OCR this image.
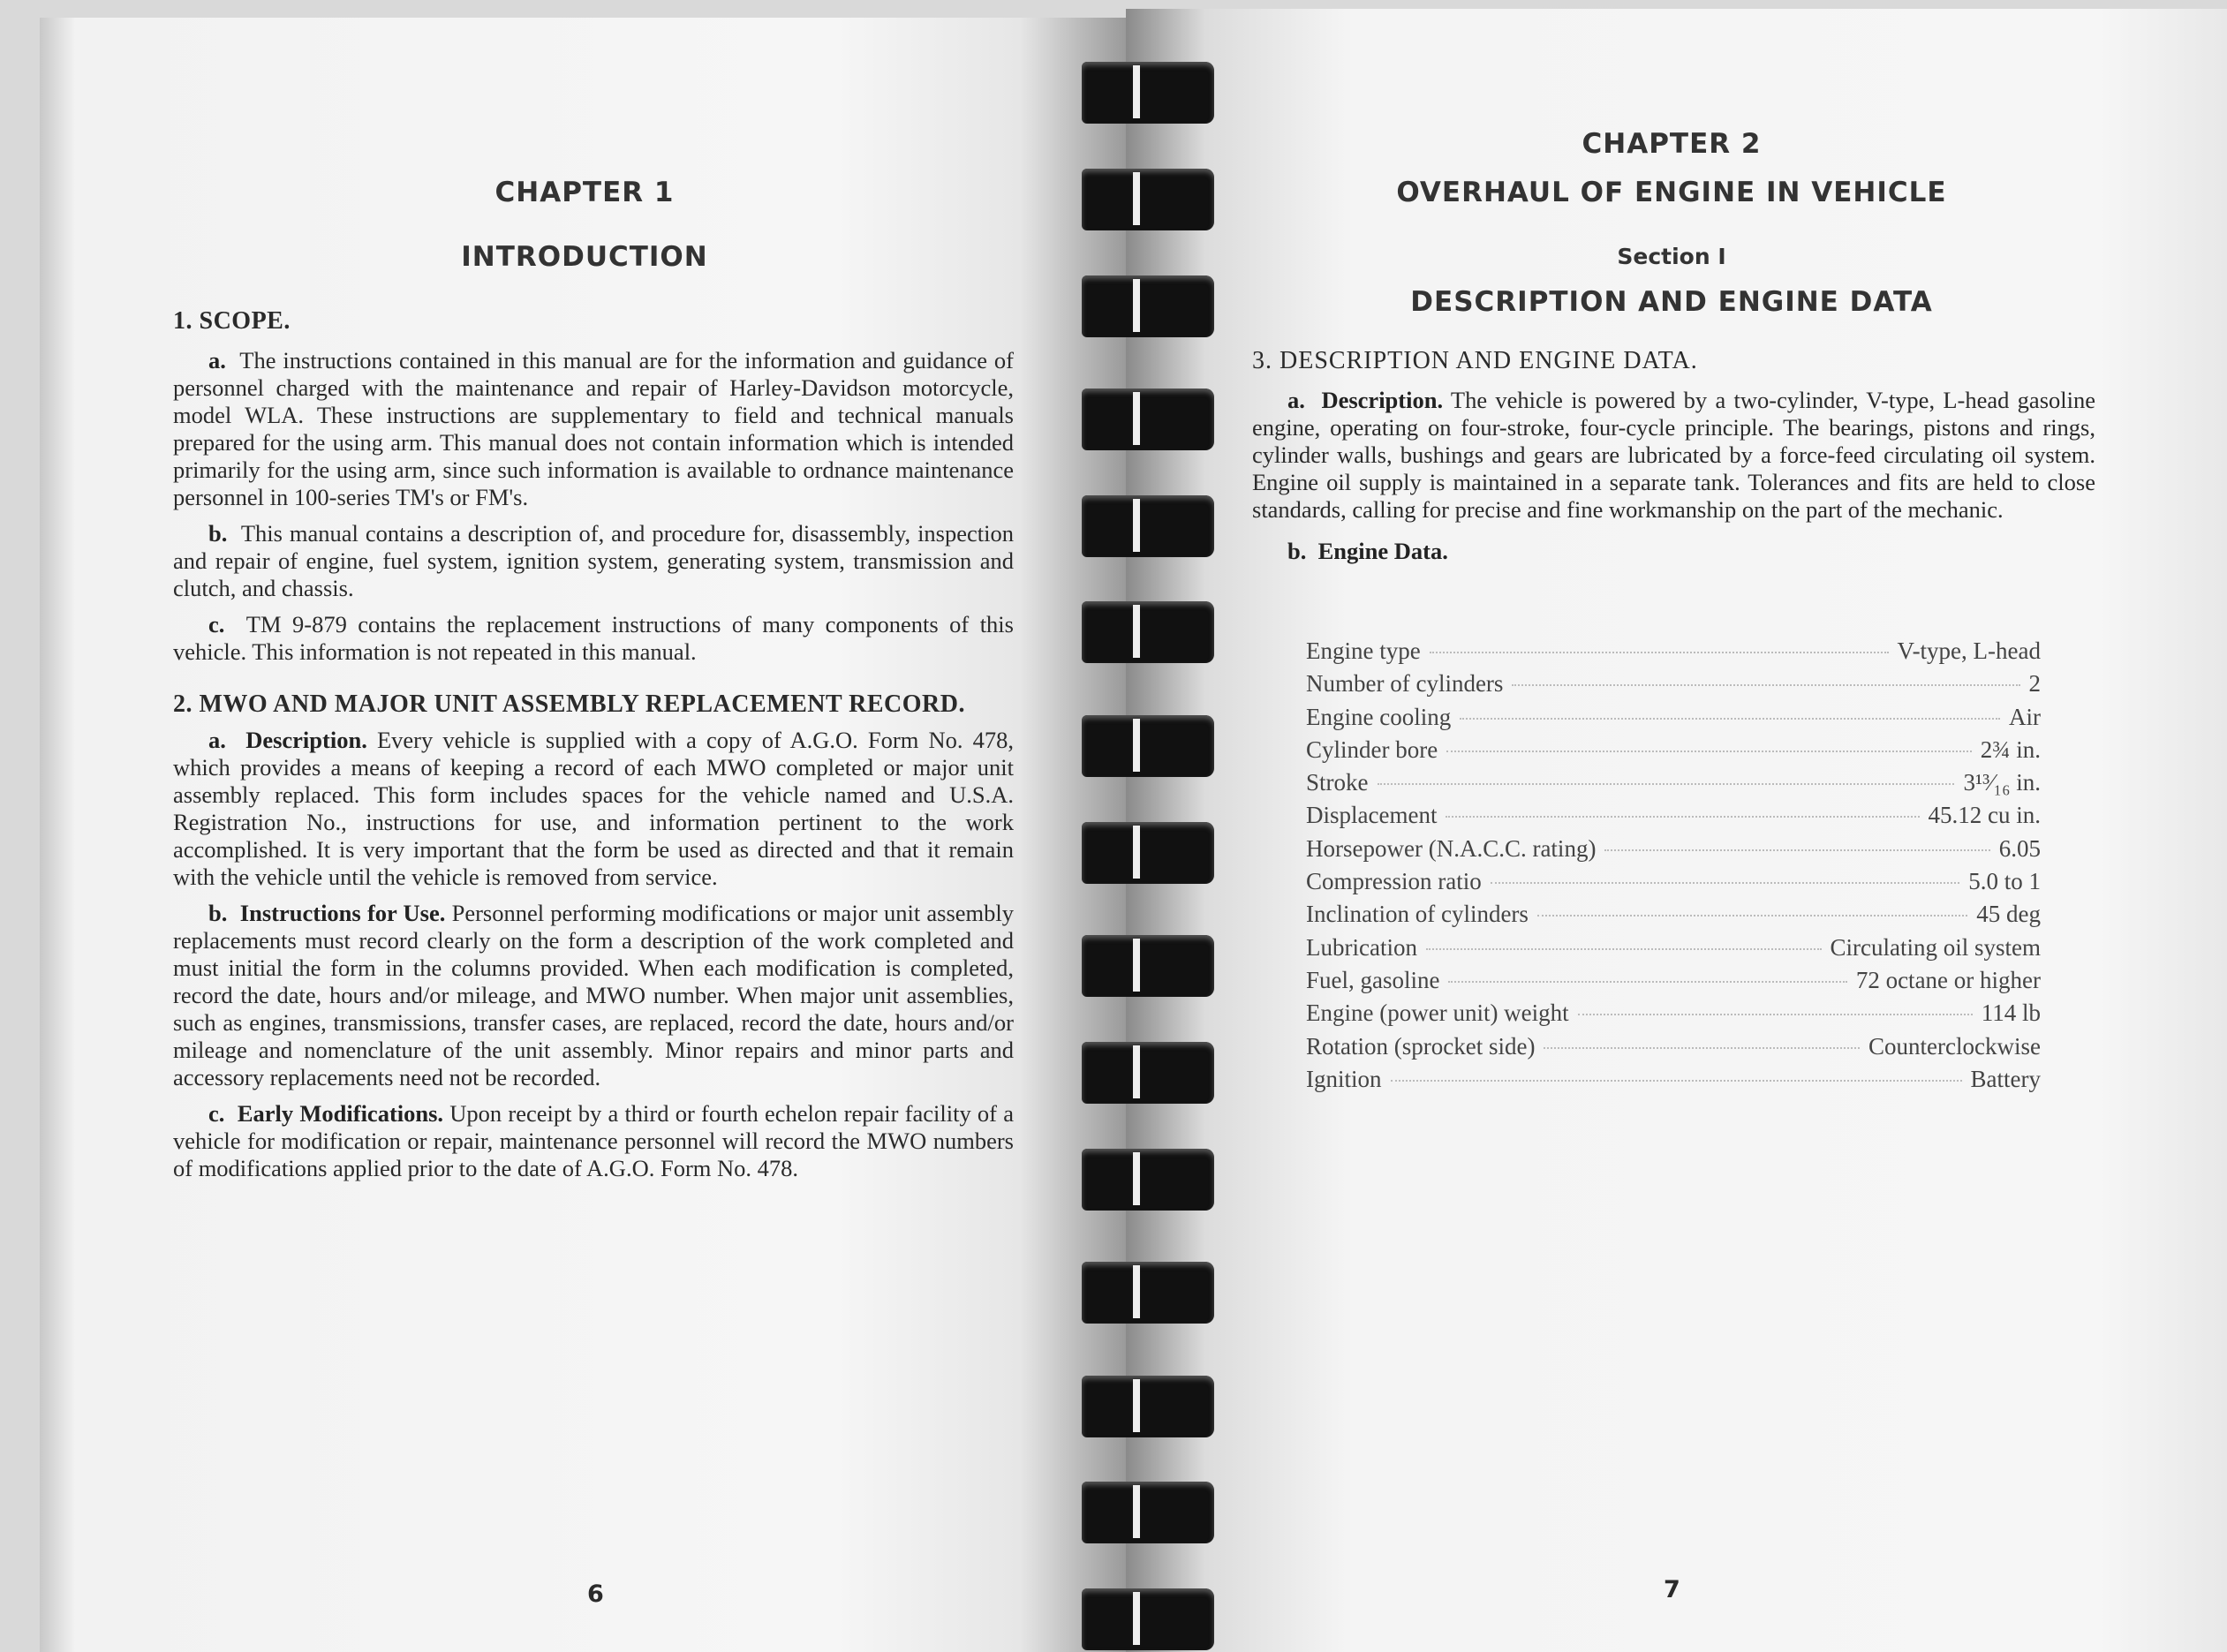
CHAPTER 1
INTRODUCTION
1. SCOPE.

a. The instructions contained in this manual are for the information and guidance of personnel charged with the maintenance and repair of Harley-Davidson motorcycle, model WLA. These instructions are supplementary to field and technical manuals prepared for the using arm. This manual does not contain information which is intended primarily for the using arm, since such information is available to ordnance maintenance personnel in 100-series TM's or FM's.

b. This manual contains a description of, and procedure for, disassembly, inspection and repair of engine, fuel system, ignition system, generating system, transmission and clutch, and chassis.

c. TM 9-879 contains the replacement instructions of many components of this vehicle. This information is not repeated in this manual.

2. MWO AND MAJOR UNIT ASSEMBLY REPLACEMENT RECORD.

a. Description. Every vehicle is supplied with a copy of A.G.O. Form No. 478, which provides a means of keeping a record of each MWO completed or major unit assembly replaced. This form includes spaces for the vehicle named and U.S.A. Registration No., instructions for use, and information pertinent to the work accomplished. It is very important that the form be used as directed and that it remain with the vehicle until the vehicle is removed from service.

b. Instructions for Use. Personnel performing modifications or major unit assembly replacements must record clearly on the form a description of the work completed and must initial the form in the columns provided. When each modification is completed, record the date, hours and/or mileage, and MWO number. When major unit assemblies, such as engines, transmissions, transfer cases, are replaced, record the date, hours and/or mileage and nomenclature of the unit assembly. Minor repairs and minor parts and accessory replacements need not be recorded.

c. Early Modifications. Upon receipt by a third or fourth echelon repair facility of a vehicle for modification or repair, maintenance personnel will record the MWO numbers of modifications applied prior to the date of A.G.O. Form No. 478.

6
CHAPTER 2
OVERHAUL OF ENGINE IN VEHICLE
Section I
DESCRIPTION AND ENGINE DATA
3. DESCRIPTION AND ENGINE DATA.

a. Description. The vehicle is powered by a two-cylinder, V-type, L-head gasoline engine, operating on four-stroke, four-cycle principle. The bearings, pistons and rings, cylinder walls, bushings and gears are lubricated by a force-feed circulating oil system. Engine oil supply is maintained in a separate tank. Tolerances and fits are held to close standards, calling for precise and fine workmanship on the part of the mechanic.

b. Engine Data.

Engine type	V-type, L-head
Number of cylinders	2
Engine cooling	Air
Cylinder bore	2¾ in.
Stroke	3¹³⁄₁₆ in.
Displacement	45.12 cu in.
Horsepower (N.A.C.C. rating)	6.05
Compression ratio	5.0 to 1
Inclination of cylinders	45 deg
Lubrication	Circulating oil system
Fuel, gasoline	72 octane or higher
Engine (power unit) weight	114 lb
Rotation (sprocket side)	Counterclockwise
Ignition	Battery
7
